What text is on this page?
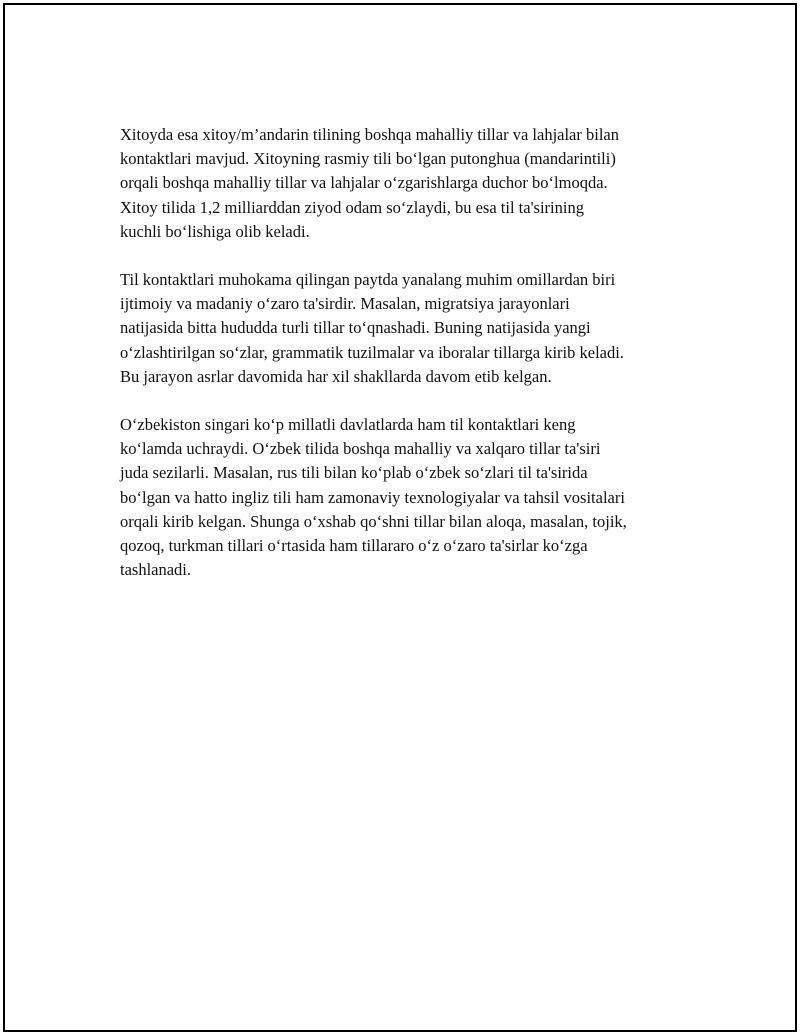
Xitoyda esa xitoy/m’andarin tilining boshqa mahalliy tillar va lahjalar bilan
kontaktlari mavjud. Xitoyning rasmiy tili bo‘lgan putonghua (mandarintili)
orqali boshqa mahalliy tillar va lahjalar o‘zgarishlarga duchor bo‘lmoqda.
Xitoy tilida 1,2 milliarddan ziyod odam so‘zlaydi, bu esa til ta'sirining
kuchli bo‘lishiga olib keladi.

Til kontaktlari muhokama qilingan paytda yanalang muhim omillardan biri
ijtimoiy va madaniy o‘zaro ta'sirdir. Masalan, migratsiya jarayonlari
natijasida bitta hududda turli tillar to‘qnashadi. Buning natijasida yangi
o‘zlashtirilgan so‘zlar, grammatik tuzilmalar va iboralar tillarga kirib keladi.
Bu jarayon asrlar davomida har xil shakllarda davom etib kelgan.

O‘zbekiston singari ko‘p millatli davlatlarda ham til kontaktlari keng
ko‘lamda uchraydi. O‘zbek tilida boshqa mahalliy va xalqaro tillar ta'siri
juda sezilarli. Masalan, rus tili bilan ko‘plab o‘zbek so‘zlari til ta'sirida
bo‘lgan va hatto ingliz tili ham zamonaviy texnologiyalar va tahsil vositalari
orqali kirib kelgan. Shunga o‘xshab qo‘shni tillar bilan aloqa, masalan, tojik,
qozoq, turkman tillari o‘rtasida ham tillararo o‘z o‘zaro ta'sirlar ko‘zga
tashlanadi.
